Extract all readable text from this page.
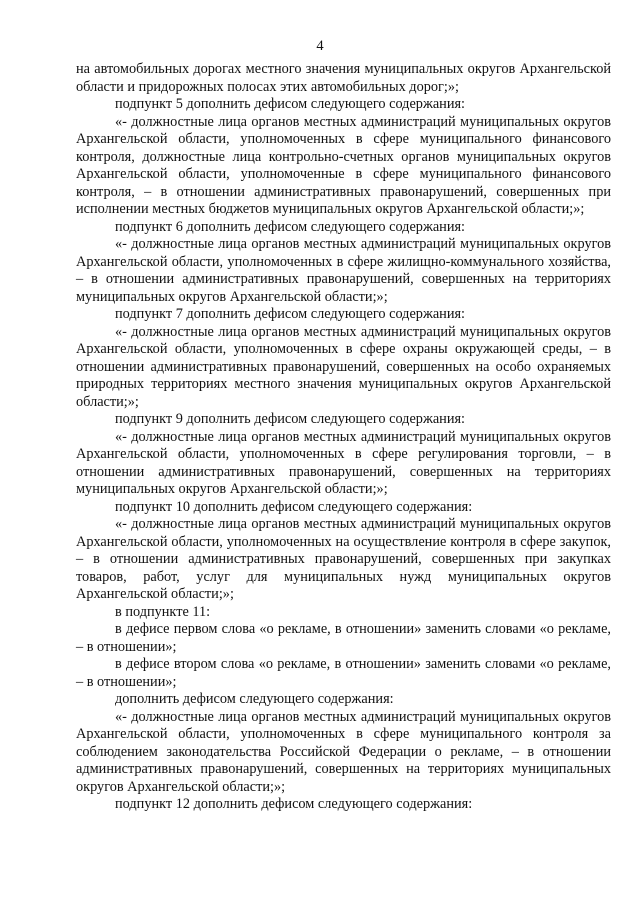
4

на автомобильных дорогах местного значения муниципальных округов Архангельской области и придорожных полосах этих автомобильных дорог;»;

подпункт 5 дополнить дефисом следующего содержания:

«- должностные лица органов местных администраций муниципальных округов Архангельской области, уполномоченных в сфере муниципального финансового контроля, должностные лица контрольно-счетных органов муниципальных округов Архангельской области, уполномоченные в сфере муниципального финансового контроля, – в отношении административных правонарушений, совершенных при исполнении местных бюджетов муниципальных округов Архангельской области;»;

подпункт 6 дополнить дефисом следующего содержания:

«- должностные лица органов местных администраций муниципальных округов Архангельской области, уполномоченных в сфере жилищно-коммунального хозяйства, – в отношении административных правонарушений, совершенных на территориях муниципальных округов Архангельской области;»;

подпункт 7 дополнить дефисом следующего содержания:

«- должностные лица органов местных администраций муниципальных округов Архангельской области, уполномоченных в сфере охраны окружающей среды, – в отношении административных правонарушений, совершенных на особо охраняемых природных территориях местного значения муниципальных округов Архангельской области;»;

подпункт 9 дополнить дефисом следующего содержания:

«- должностные лица органов местных администраций муниципальных округов Архангельской области, уполномоченных в сфере регулирования торговли, – в отношении административных правонарушений, совершенных на территориях муниципальных округов Архангельской области;»;

подпункт 10 дополнить дефисом следующего содержания:

«- должностные лица органов местных администраций муниципальных округов Архангельской области, уполномоченных на осуществление контроля в сфере закупок, – в отношении административных правонарушений, совершенных при закупках товаров, работ, услуг для муниципальных нужд муниципальных округов Архангельской области;»;

в подпункте 11:

в дефисе первом слова «о рекламе, в отношении» заменить словами «о рекламе, – в отношении»;

в дефисе втором слова «о рекламе, в отношении» заменить словами «о рекламе, – в отношении»;

дополнить дефисом следующего содержания:

«- должностные лица органов местных администраций муниципальных округов Архангельской области, уполномоченных в сфере муниципального контроля за соблюдением законодательства Российской Федерации о рекламе, – в отношении административных правонарушений, совершенных на территориях муниципальных округов Архангельской области;»;

подпункт 12 дополнить дефисом следующего содержания:
